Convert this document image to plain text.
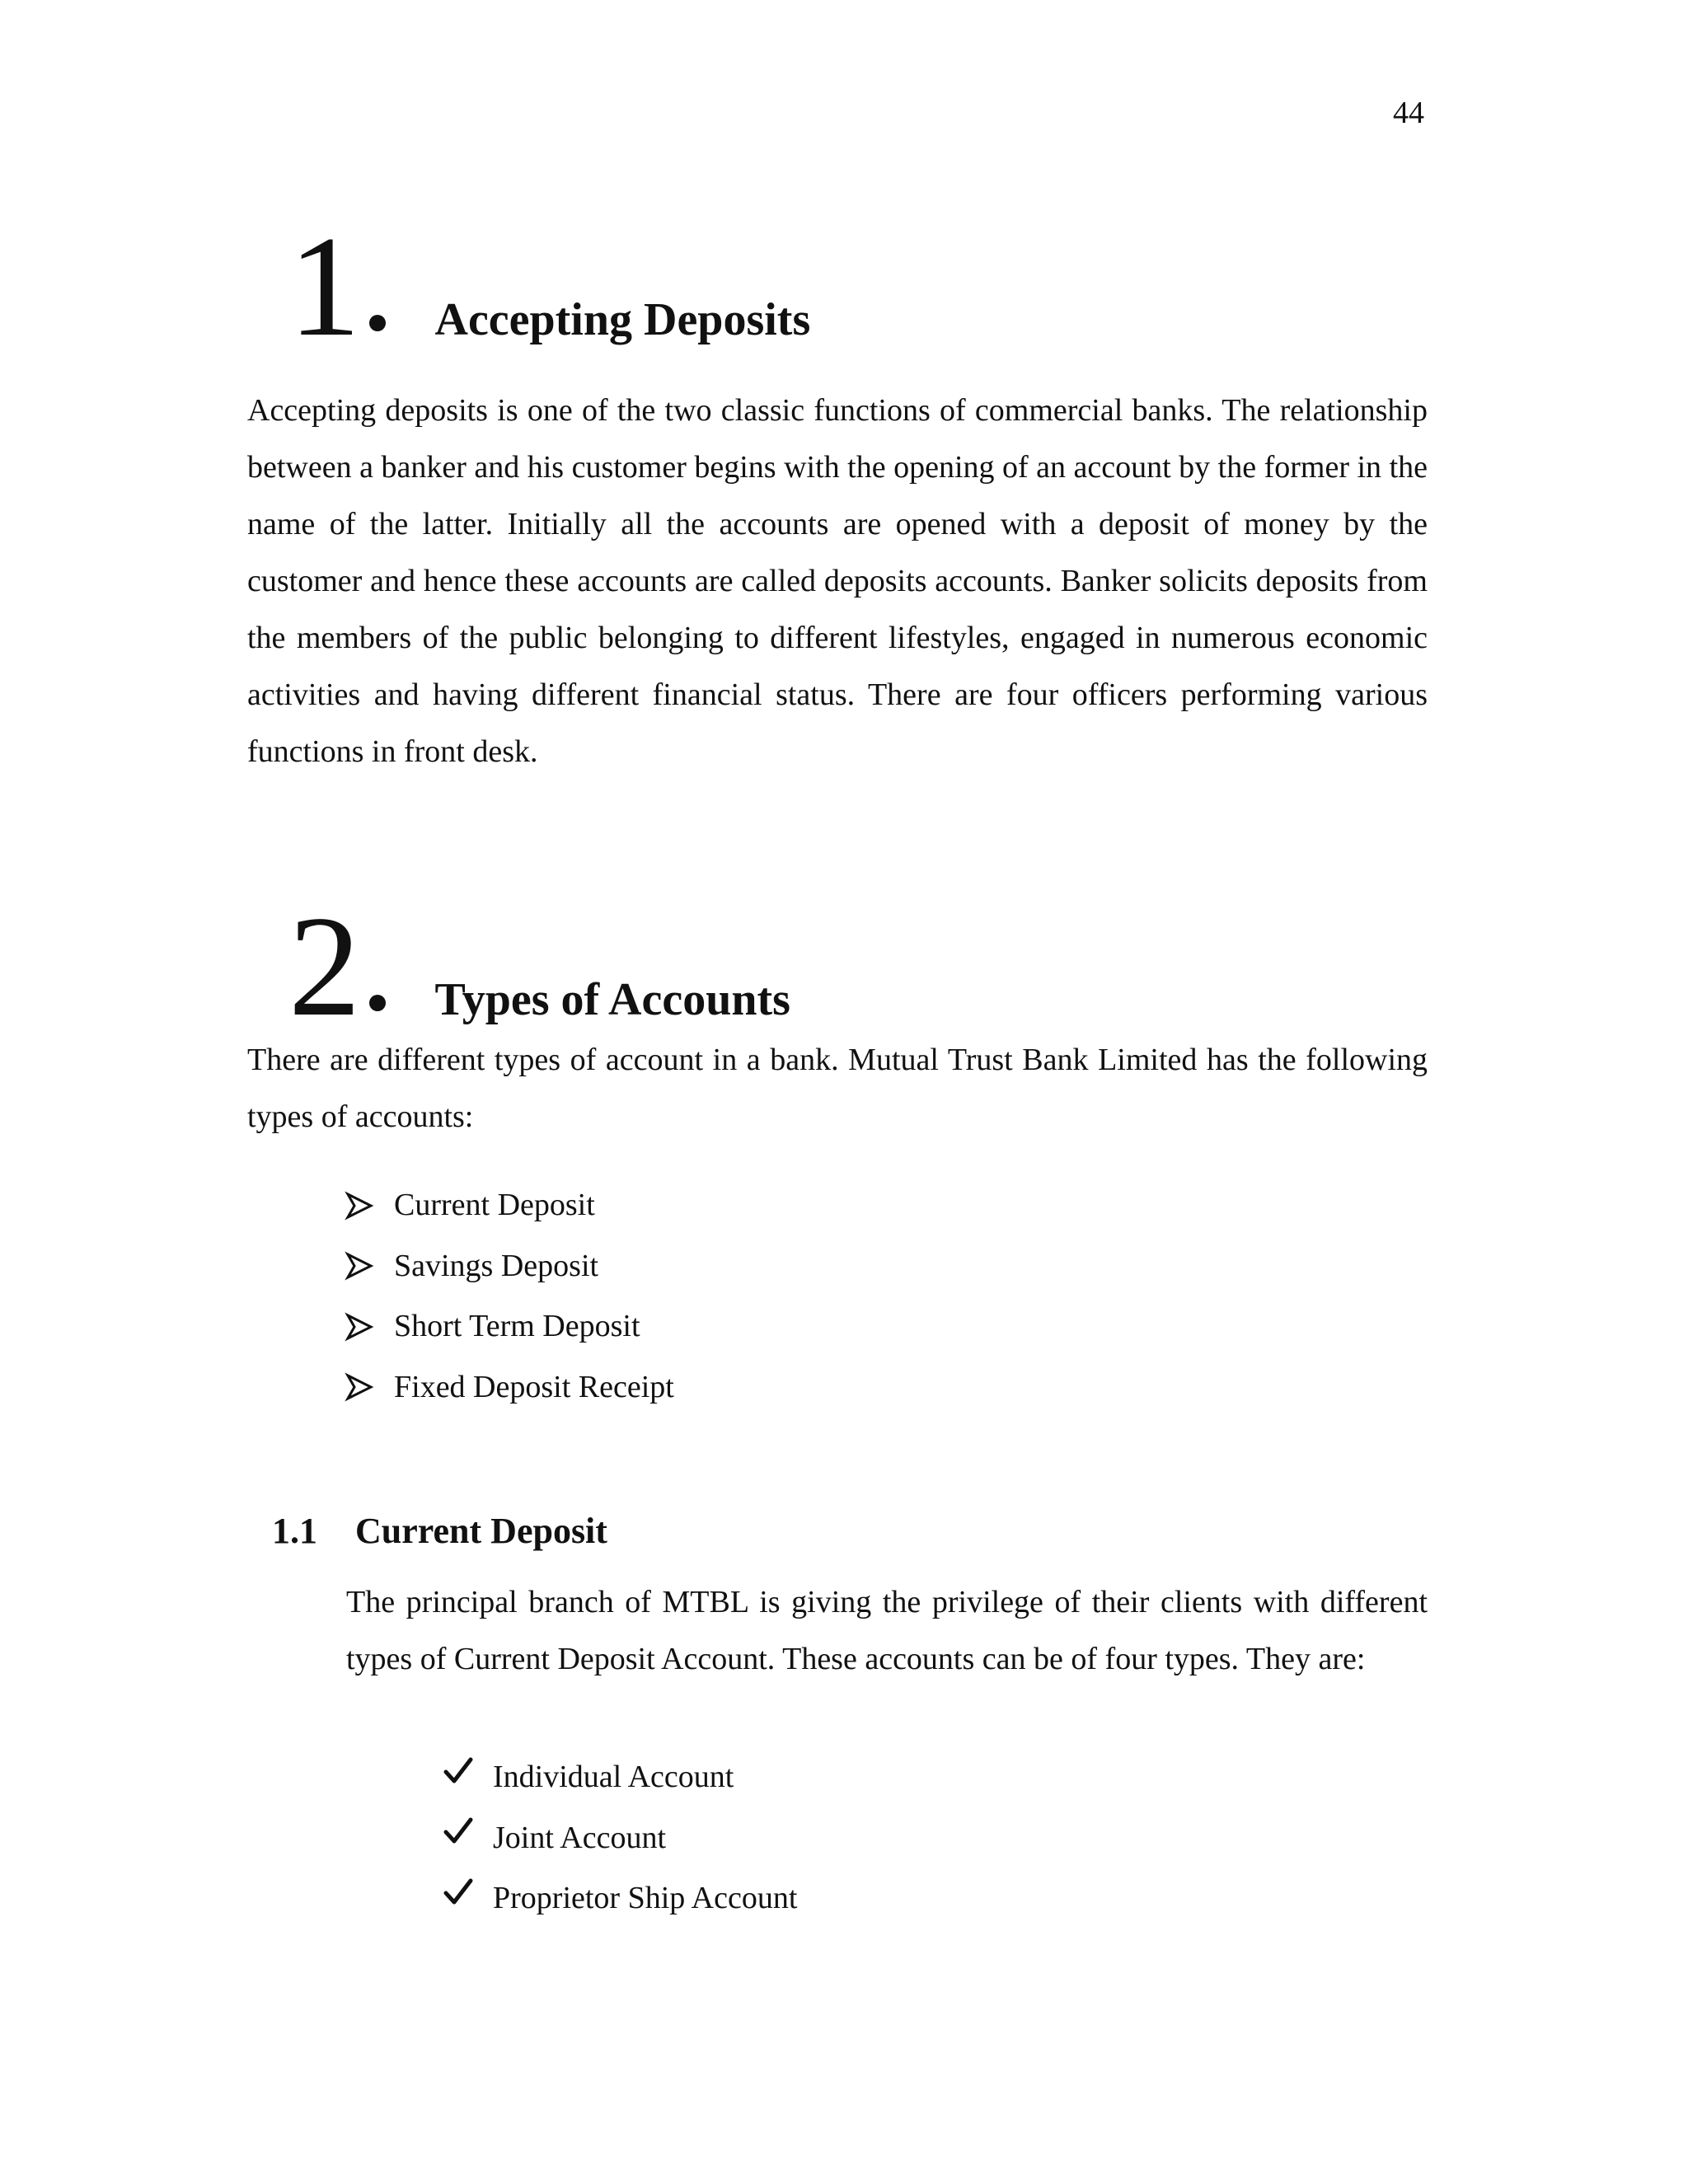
44
1 Accepting Deposits

Accepting deposits is one of the two classic functions of commercial banks. The relationship between a banker and his customer begins with the opening of an account by the former in the name of the latter. Initially all the accounts are opened with a deposit of money by the customer and hence these accounts are called deposits accounts. Banker solicits deposits from the members of the public belonging to different lifestyles, engaged in numerous economic activities and having different financial status. There are four officers performing various functions in front desk.

2 Types of Accounts

There are different types of account in a bank. Mutual Trust Bank Limited has the following types of accounts:

Current Deposit
Savings Deposit
Short Term Deposit
Fixed Deposit Receipt
1.1 Current Deposit

The principal branch of MTBL is giving the privilege of their clients with different types of Current Deposit Account. These accounts can be of four types. They are:

Individual Account
Joint Account
Proprietor Ship Account
